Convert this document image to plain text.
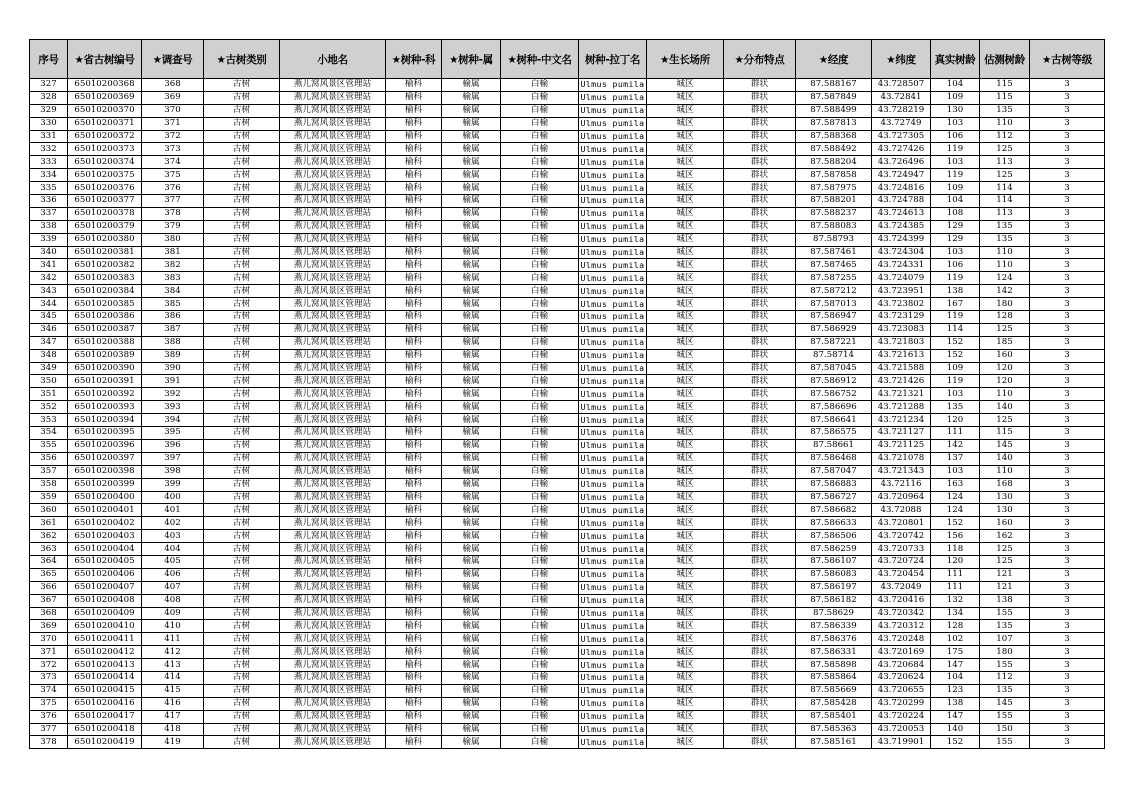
序号	★省古树编号	★调查号	★古树类别	小地名	★树种-科	★树种-属	★树种-中文名	树种-拉丁名	★生长场所	★分布特点	★经度	★纬度	真实树龄	估测树龄	★古树等级
327	65010200368	368	古树	燕儿窝风景区管理站	榆科	榆属	白榆	Ulmus pumila	城区	群状	87.588167	43.728507	104	115	3
328	65010200369	369	古树	燕儿窝风景区管理站	榆科	榆属	白榆	Ulmus pumila	城区	群状	87.587849	43.72841	109	115	3
329	65010200370	370	古树	燕儿窝风景区管理站	榆科	榆属	白榆	Ulmus pumila	城区	群状	87.588499	43.728219	130	135	3
330	65010200371	371	古树	燕儿窝风景区管理站	榆科	榆属	白榆	Ulmus pumila	城区	群状	87.587813	43.72749	103	110	3
331	65010200372	372	古树	燕儿窝风景区管理站	榆科	榆属	白榆	Ulmus pumila	城区	群状	87.588368	43.727305	106	112	3
332	65010200373	373	古树	燕儿窝风景区管理站	榆科	榆属	白榆	Ulmus pumila	城区	群状	87.588492	43.727426	119	125	3
333	65010200374	374	古树	燕儿窝风景区管理站	榆科	榆属	白榆	Ulmus pumila	城区	群状	87.588204	43.726496	103	113	3
334	65010200375	375	古树	燕儿窝风景区管理站	榆科	榆属	白榆	Ulmus pumila	城区	群状	87.587858	43.724947	119	125	3
335	65010200376	376	古树	燕儿窝风景区管理站	榆科	榆属	白榆	Ulmus pumila	城区	群状	87.587975	43.724816	109	114	3
336	65010200377	377	古树	燕儿窝风景区管理站	榆科	榆属	白榆	Ulmus pumila	城区	群状	87.588201	43.724788	104	114	3
337	65010200378	378	古树	燕儿窝风景区管理站	榆科	榆属	白榆	Ulmus pumila	城区	群状	87.588237	43.724613	108	113	3
338	65010200379	379	古树	燕儿窝风景区管理站	榆科	榆属	白榆	Ulmus pumila	城区	群状	87.588083	43.724385	129	135	3
339	65010200380	380	古树	燕儿窝风景区管理站	榆科	榆属	白榆	Ulmus pumila	城区	群状	87.58793	43.724399	129	135	3
340	65010200381	381	古树	燕儿窝风景区管理站	榆科	榆属	白榆	Ulmus pumila	城区	群状	87.587461	43.724304	103	110	3
341	65010200382	382	古树	燕儿窝风景区管理站	榆科	榆属	白榆	Ulmus pumila	城区	群状	87.587465	43.724331	106	110	3
342	65010200383	383	古树	燕儿窝风景区管理站	榆科	榆属	白榆	Ulmus pumila	城区	群状	87.587255	43.724079	119	124	3
343	65010200384	384	古树	燕儿窝风景区管理站	榆科	榆属	白榆	Ulmus pumila	城区	群状	87.587212	43.723951	138	142	3
344	65010200385	385	古树	燕儿窝风景区管理站	榆科	榆属	白榆	Ulmus pumila	城区	群状	87.587013	43.723802	167	180	3
345	65010200386	386	古树	燕儿窝风景区管理站	榆科	榆属	白榆	Ulmus pumila	城区	群状	87.586947	43.723129	119	128	3
346	65010200387	387	古树	燕儿窝风景区管理站	榆科	榆属	白榆	Ulmus pumila	城区	群状	87.586929	43.723083	114	125	3
347	65010200388	388	古树	燕儿窝风景区管理站	榆科	榆属	白榆	Ulmus pumila	城区	群状	87.587221	43.721803	152	185	3
348	65010200389	389	古树	燕儿窝风景区管理站	榆科	榆属	白榆	Ulmus pumila	城区	群状	87.58714	43.721613	152	160	3
349	65010200390	390	古树	燕儿窝风景区管理站	榆科	榆属	白榆	Ulmus pumila	城区	群状	87.587045	43.721588	109	120	3
350	65010200391	391	古树	燕儿窝风景区管理站	榆科	榆属	白榆	Ulmus pumila	城区	群状	87.586912	43.721426	119	120	3
351	65010200392	392	古树	燕儿窝风景区管理站	榆科	榆属	白榆	Ulmus pumila	城区	群状	87.586752	43.721321	103	110	3
352	65010200393	393	古树	燕儿窝风景区管理站	榆科	榆属	白榆	Ulmus pumila	城区	群状	87.586696	43.721288	135	140	3
353	65010200394	394	古树	燕儿窝风景区管理站	榆科	榆属	白榆	Ulmus pumila	城区	群状	87.586641	43.721234	120	125	3
354	65010200395	395	古树	燕儿窝风景区管理站	榆科	榆属	白榆	Ulmus pumila	城区	群状	87.586575	43.721127	111	115	3
355	65010200396	396	古树	燕儿窝风景区管理站	榆科	榆属	白榆	Ulmus pumila	城区	群状	87.58661	43.721125	142	145	3
356	65010200397	397	古树	燕儿窝风景区管理站	榆科	榆属	白榆	Ulmus pumila	城区	群状	87.586468	43.721078	137	140	3
357	65010200398	398	古树	燕儿窝风景区管理站	榆科	榆属	白榆	Ulmus pumila	城区	群状	87.587047	43.721343	103	110	3
358	65010200399	399	古树	燕儿窝风景区管理站	榆科	榆属	白榆	Ulmus pumila	城区	群状	87.586883	43.72116	163	168	3
359	65010200400	400	古树	燕儿窝风景区管理站	榆科	榆属	白榆	Ulmus pumila	城区	群状	87.586727	43.720964	124	130	3
360	65010200401	401	古树	燕儿窝风景区管理站	榆科	榆属	白榆	Ulmus pumila	城区	群状	87.586682	43.72088	124	130	3
361	65010200402	402	古树	燕儿窝风景区管理站	榆科	榆属	白榆	Ulmus pumila	城区	群状	87.586633	43.720801	152	160	3
362	65010200403	403	古树	燕儿窝风景区管理站	榆科	榆属	白榆	Ulmus pumila	城区	群状	87.586506	43.720742	156	162	3
363	65010200404	404	古树	燕儿窝风景区管理站	榆科	榆属	白榆	Ulmus pumila	城区	群状	87.586259	43.720733	118	125	3
364	65010200405	405	古树	燕儿窝风景区管理站	榆科	榆属	白榆	Ulmus pumila	城区	群状	87.586107	43.720724	120	125	3
365	65010200406	406	古树	燕儿窝风景区管理站	榆科	榆属	白榆	Ulmus pumila	城区	群状	87.586083	43.720454	111	121	3
366	65010200407	407	古树	燕儿窝风景区管理站	榆科	榆属	白榆	Ulmus pumila	城区	群状	87.586197	43.72049	111	121	3
367	65010200408	408	古树	燕儿窝风景区管理站	榆科	榆属	白榆	Ulmus pumila	城区	群状	87.586182	43.720416	132	138	3
368	65010200409	409	古树	燕儿窝风景区管理站	榆科	榆属	白榆	Ulmus pumila	城区	群状	87.58629	43.720342	134	155	3
369	65010200410	410	古树	燕儿窝风景区管理站	榆科	榆属	白榆	Ulmus pumila	城区	群状	87.586339	43.720312	128	135	3
370	65010200411	411	古树	燕儿窝风景区管理站	榆科	榆属	白榆	Ulmus pumila	城区	群状	87.586376	43.720248	102	107	3
371	65010200412	412	古树	燕儿窝风景区管理站	榆科	榆属	白榆	Ulmus pumila	城区	群状	87.586331	43.720169	175	180	3
372	65010200413	413	古树	燕儿窝风景区管理站	榆科	榆属	白榆	Ulmus pumila	城区	群状	87.585898	43.720684	147	155	3
373	65010200414	414	古树	燕儿窝风景区管理站	榆科	榆属	白榆	Ulmus pumila	城区	群状	87.585864	43.720624	104	112	3
374	65010200415	415	古树	燕儿窝风景区管理站	榆科	榆属	白榆	Ulmus pumila	城区	群状	87.585669	43.720655	123	135	3
375	65010200416	416	古树	燕儿窝风景区管理站	榆科	榆属	白榆	Ulmus pumila	城区	群状	87.585428	43.720299	138	145	3
376	65010200417	417	古树	燕儿窝风景区管理站	榆科	榆属	白榆	Ulmus pumila	城区	群状	87.585401	43.720224	147	155	3
377	65010200418	418	古树	燕儿窝风景区管理站	榆科	榆属	白榆	Ulmus pumila	城区	群状	87.585363	43.720053	140	150	3
378	65010200419	419	古树	燕儿窝风景区管理站	榆科	榆属	白榆	Ulmus pumila	城区	群状	87.585161	43.719901	152	155	3
